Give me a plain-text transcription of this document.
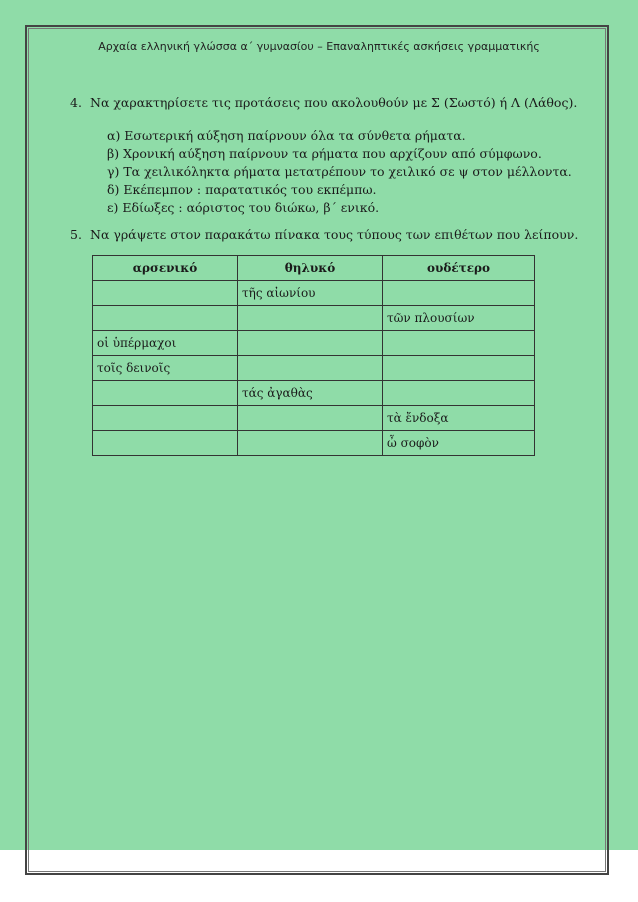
Αρχαία ελληνική γλώσσα α΄ γυμνασίου – Επαναληπτικές ασκήσεις γραμματικής
4. Να χαρακτηρίσετε τις προτάσεις που ακολουθούν με Σ (Σωστό) ή Λ (Λάθος).
α) Εσωτερική αύξηση παίρνουν όλα τα σύνθετα ρήματα.
β) Χρονική αύξηση παίρνουν τα ρήματα που αρχίζουν από σύμφωνο.
γ) Τα χειλικόληκτα ρήματα μετατρέπουν το χειλικό σε ψ στον μέλλοντα.
δ) Εκέπεμπον : παρατατικός του εκπέμπω.
ε) Εδίωξες : αόριστος του διώκω, β΄ ενικό.
5. Να γράψετε στον παρακάτω πίνακα τους τύπους των επιθέτων που λείπουν.
αρσενικό	θηλυκό	ουδέτερο
	τῆς αἰωνίου	
		τῶν πλουσίων
οἱ ὑπέρμαχοι		
τοῖς δεινοῖς		
	τάς ἀγαθὰς	
		τὰ ἔνδοξα
		ὦ σοφὸν
